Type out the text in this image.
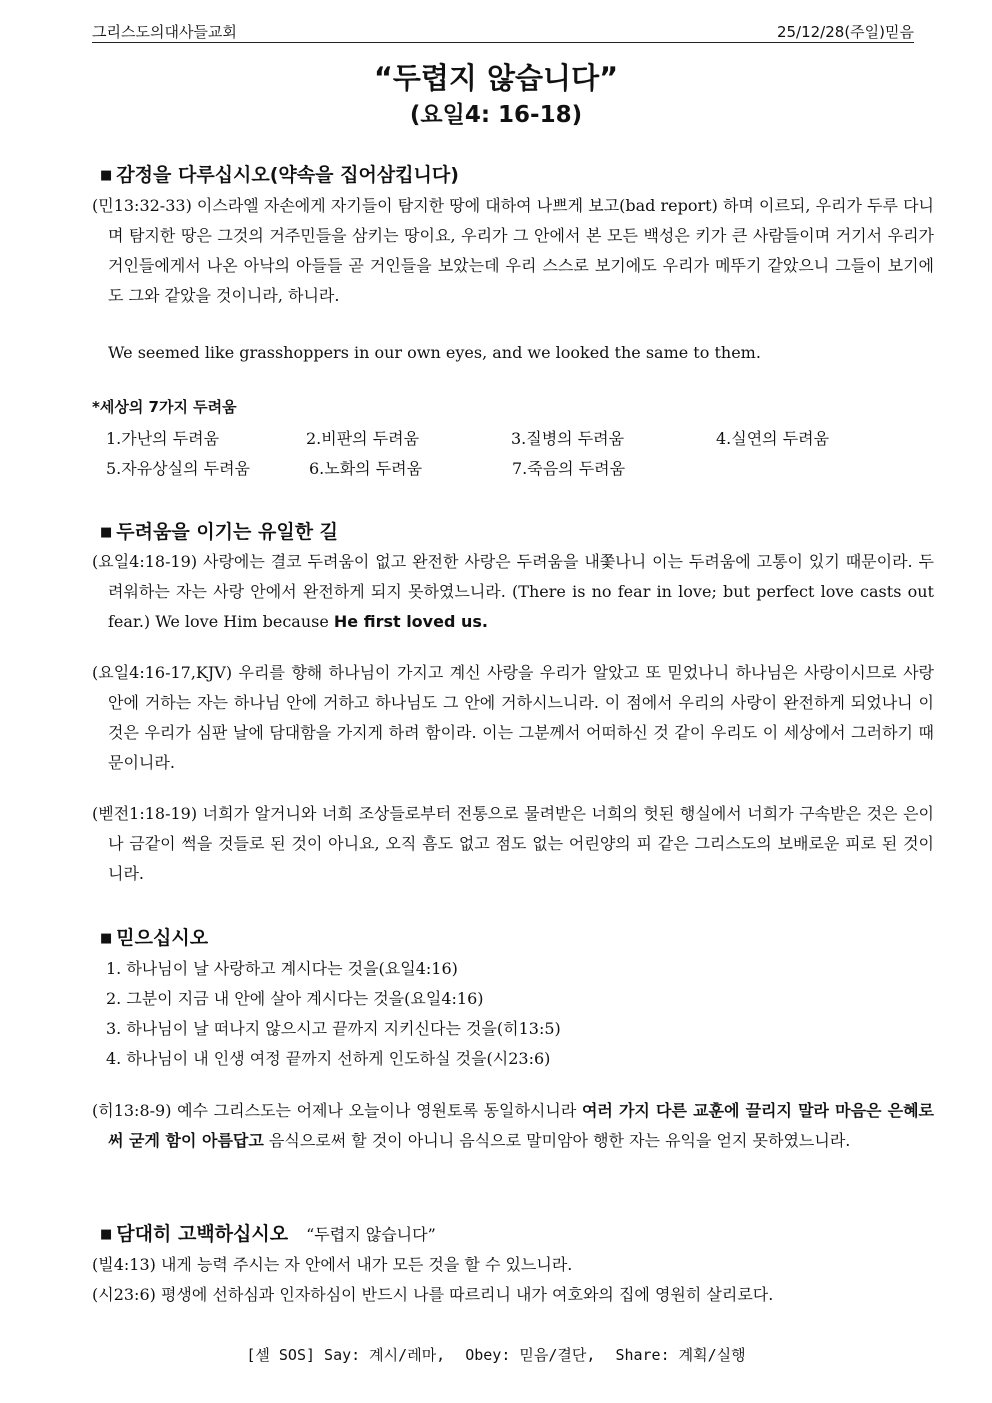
그리스도의대사들교회	25/12/28(주일)믿음
“두렵지 않습니다”
(요일4: 16-18)
■ 감정을 다루십시오(약속을 집어삼킵니다)
(민13:32-33) 이스라엘 자손에게 자기들이 탐지한 땅에 대하여 나쁘게 보고(bad report) 하며 이르되, 우리가 두루 다니며 탐지한 땅은 그것의 거주민들을 삼키는 땅이요, 우리가 그 안에서 본 모든 백성은 키가 큰 사람들이며 거기서 우리가 거인들에게서 나온 아낙의 아들들 곧 거인들을 보았는데 우리 스스로 보기에도 우리가 메뚜기 같았으니 그들이 보기에도 그와 같았을 것이니라, 하니라.
We seemed like grasshoppers in our own eyes, and we looked the same to them.
*세상의 7가지 두려움
1.가난의 두려움	2.비판의 두려움	3.질병의 두려움	4.실연의 두려움
5.자유상실의 두려움	6.노화의 두려움	7.죽음의 두려움
■ 두려움을 이기는 유일한 길
(요일4:18-19) 사랑에는 결코 두려움이 없고 완전한 사랑은 두려움을 내쫓나니 이는 두려움에 고통이 있기 때문이라. 두려워하는 자는 사랑 안에서 완전하게 되지 못하였느니라. (There is no fear in love; but perfect love casts out fear.) We love Him because He first loved us.
(요일4:16-17,KJV) 우리를 향해 하나님이 가지고 계신 사랑을 우리가 알았고 또 믿었나니 하나님은 사랑이시므로 사랑 안에 거하는 자는 하나님 안에 거하고 하나님도 그 안에 거하시느니라. 이 점에서 우리의 사랑이 완전하게 되었나니 이것은 우리가 심판 날에 담대함을 가지게 하려 함이라. 이는 그분께서 어떠하신 것 같이 우리도 이 세상에서 그러하기 때문이니라.
(벧전1:18-19) 너희가 알거니와 너희 조상들로부터 전통으로 물려받은 너희의 헛된 행실에서 너희가 구속받은 것은 은이나 금같이 썩을 것들로 된 것이 아니요, 오직 흠도 없고 점도 없는 어린양의 피 같은 그리스도의 보배로운 피로 된 것이니라.
■ 믿으십시오
1. 하나님이 날 사랑하고 계시다는 것을(요일4:16)
2. 그분이 지금 내 안에 살아 계시다는 것을(요일4:16)
3. 하나님이 날 떠나지 않으시고 끝까지 지키신다는 것을(히13:5)
4. 하나님이 내 인생 여정 끝까지 선하게 인도하실 것을(시23:6)
(히13:8-9) 예수 그리스도는 어제나 오늘이나 영원토록 동일하시니라 여러 가지 다른 교훈에 끌리지 말라 마음은 은혜로써 굳게 함이 아름답고 음식으로써 할 것이 아니니 음식으로 말미암아 행한 자는 유익을 얻지 못하였느니라.
■ 담대히 고백하십시오 “두렵지 않습니다”
(빌4:13) 내게 능력 주시는 자 안에서 내가 모든 것을 할 수 있느니라.
(시23:6) 평생에 선하심과 인자하심이 반드시 나를 따르리니 내가 여호와의 집에 영원히 살리로다.
[셀 SOS] Say: 계시/레마, Obey: 믿음/결단, Share: 계획/실행
